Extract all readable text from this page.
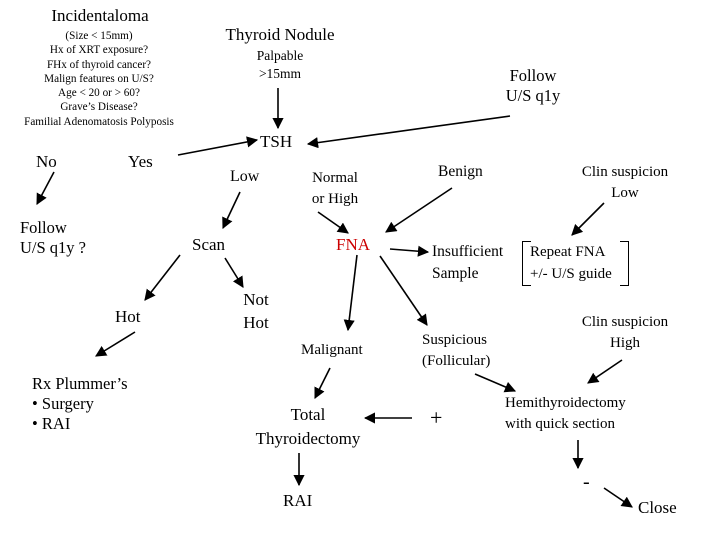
Incidentaloma
(Size < 15mm)
Hx of XRT exposure?
FHx of thyroid cancer?
Malign features on U/S?
Age < 20 or > 60?
Grave’s Disease?
Familial Adenomatosis Polyposis
Thyroid Nodule
Palpable
>15mm	Follow
U/S q1y
No	Yes
TSH
Low	Normal
or High
Benign	Clin suspicion
Low
Follow
U/S q1y ?	Scan	FNA	Insufficient
Sample
Repeat FNA
+/- U/S guide
Hot
Not
Hot	Clin suspicion
High
Malignant
Suspicious
(Follicular)
Rx Plummer’s
• Surgery
• RAI	Total
Thyroidectomy
+
Hemithyroidectomy
with quick section
-
RAI	Close
